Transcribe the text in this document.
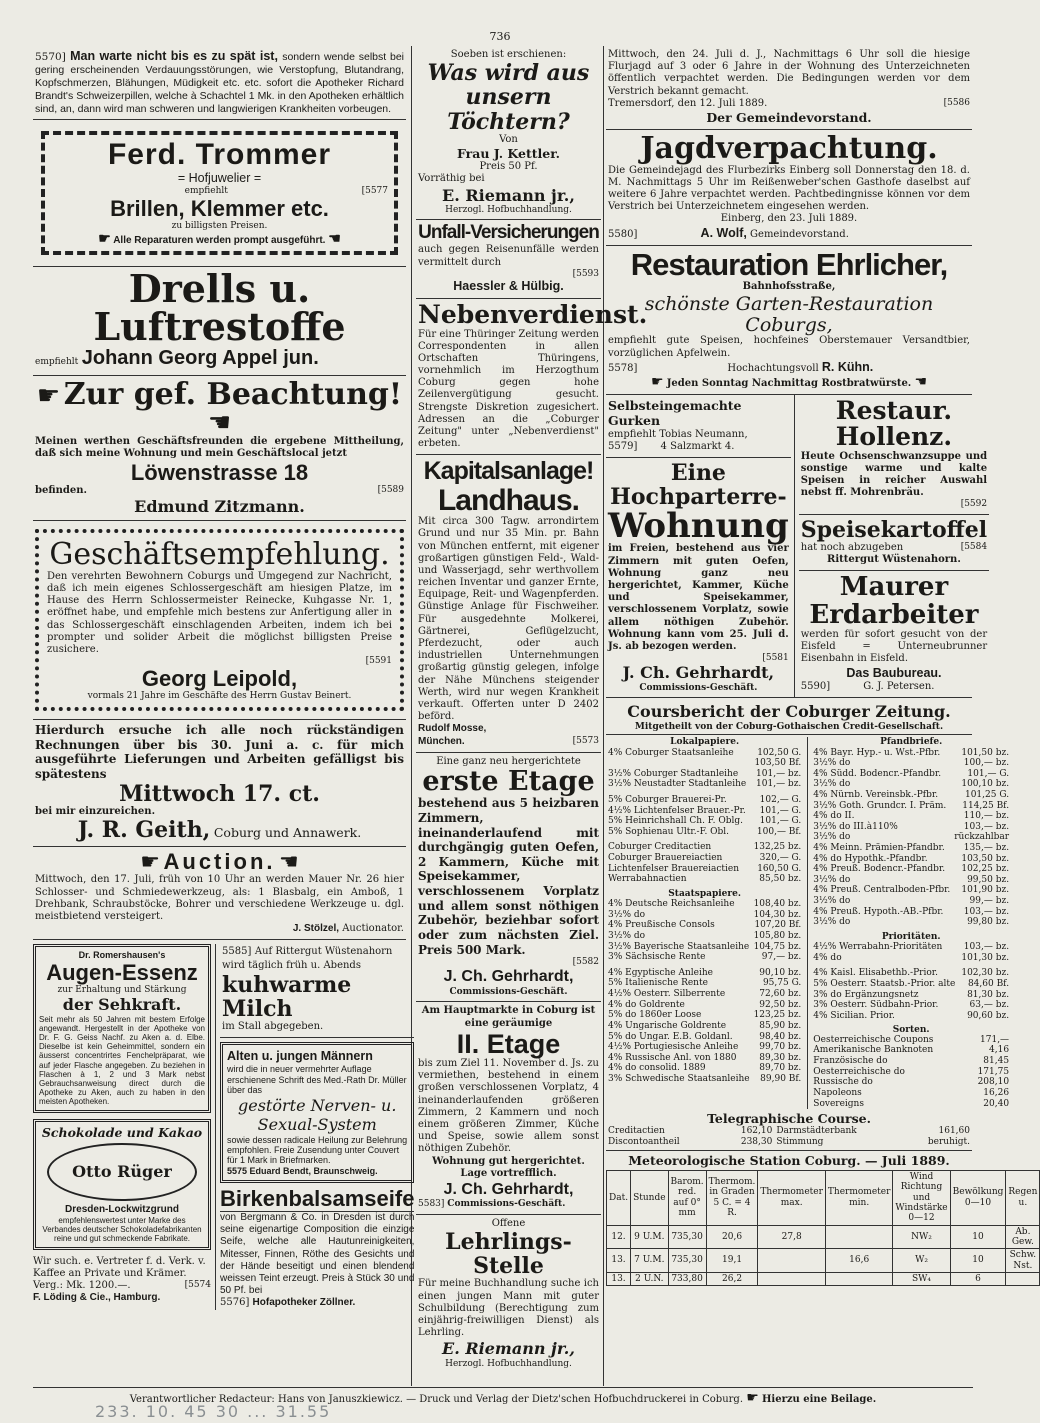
736
5570] Man warte nicht bis es zu spät ist, sondern wende selbst bei gering erscheinenden Verdauungsstörungen, wie Verstopfung, Blutandrang, Kopfschmerzen, Blähungen, Müdigkeit etc. etc. sofort die Apotheker Richard Brandt's Schweizerpillen, welche à Schachtel 1 Mk. in den Apotheken erhältlich sind, an, dann wird man schweren und langwierigen Krankheiten vorbeugen.
Ferd. Trommer
= Hofjuwelier =
empfiehlt	[5577
Brillen, Klemmer etc.
zu billigsten Preisen.
☛ Alle Reparaturen werden prompt ausgeführt. ☚
Drells u. Luftrestoffe
empfiehlt Johann Georg Appel jun.
☛ Zur gef. Beachtung! ☚
Meinen werthen Geschäftsfreunden die ergebene Mittheilung, daß sich meine Wohnung und mein Geschäftslocal jetzt
Löwenstrasse 18
befinden.	[5589
Edmund Zitzmann.
Geschäftsempfehlung.
Den verehrten Bewohnern Coburgs und Umgegend zur Nachricht, daß ich mein eigenes Schlossergeschäft am hiesigen Platze, im Hause des Herrn Schlossermeister Reinecke, Kuhgasse Nr. 1, eröffnet habe, und empfehle mich bestens zur Anfertigung aller in das Schlossergeschäft einschlagenden Arbeiten, indem ich bei prompter und solider Arbeit die möglichst billigsten Preise zusichere.
[5591
Georg Leipold,
vormals 21 Jahre im Geschäfte des Herrn Gustav Beinert.
Hierdurch ersuche ich alle noch rückständigen Rechnungen über bis 30. Juni a. c. für mich ausgeführte Lieferungen und Arbeiten gefälligst bis spätestens
Mittwoch 17. ct.
bei mir einzureichen.
J. R. Geith, Coburg und Annawerk.
☛ Auction. ☚
Mittwoch, den 17. Juli, früh von 10 Uhr an werden Mauer Nr. 26 hier Schlosser- und Schmiedewerkzeug, als: 1 Blasbalg, ein Amboß, 1 Drehbank, Schraubstöcke, Bohrer und verschiedene Werkzeuge u. dgl. meistbietend versteigert.
J. Stölzel, Auctionator.
Dr. Romershausen's
Augen-Essenz
zur Erhaltung und Stärkung
der Sehkraft.
Seit mehr als 50 Jahren mit bestem Erfolge angewandt. Hergestellt in der Apotheke von Dr. F. G. Geiss Nachf. zu Aken a. d. Elbe. Dieselbe ist kein Geheimmittel, sondern ein äusserst concentrirtes Fenchelpräparat, wie auf jeder Flasche angegeben. Zu beziehen in Flaschen à 1, 2 und 3 Mark nebst Gebrauchsanweisung direct durch die Apotheke zu Aken, auch zu haben in den meisten Apotheken.
Schokolade und Kakao
Otto Rüger
Dresden-Lockwitzgrund
empfehlenswertest unter Marke des Verbandes deutscher Schokoladefabrikanten
reine und gut schmeckende Fabrikate.
Wir such. e. Vertreter f. d. Verk. v. Kaffee an Private und Krämer. Verg.: Mk. 1200.—.	[5574
F. Löding & Cie., Hamburg.
5585] Auf Rittergut Wüstenahorn wird täglich früh u. Abends
kuhwarme Milch
im Stall abgegeben.
Alten u. jungen Männern
wird die in neuer vermehrter Auflage erschienene Schrift des Med.-Rath Dr. Müller über das
gestörte Nerven- u. Sexual-System
sowie dessen radicale Heilung zur Belehrung empfohlen. Freie Zusendung unter Couvert für 1 Mark in Briefmarken.
5575 Eduard Bendt, Braunschweig.
Birkenbalsamseife
von Bergmann & Co. in Dresden ist durch seine eigenartige Composition die einzige Seife, welche alle Hautunreinigkeiten, Mitesser, Finnen, Röthe des Gesichts und der Hände beseitigt und einen blendend weissen Teint erzeugt. Preis à Stück 30 und 50 Pf. bei
5576] Hofapotheker Zöllner.
Soeben ist erschienen:
Was wird aus unsern Töchtern?
Von
Frau J. Kettler.
Preis 50 Pf.
Vorräthig bei
E. Riemann jr.,
Herzogl. Hofbuchhandlung.
Unfall-Versicherungen
auch gegen Reisenunfälle werden vermittelt durch
[5593
Haessler & Hülbig.
Nebenverdienst.
Für eine Thüringer Zeitung werden Correspondenten in allen Ortschaften Thüringens, vornehmlich im Herzogthum Coburg gegen hohe Zeilenvergütigung gesucht. Strengste Diskretion zugesichert. Adressen an die „Coburger Zeitung" unter „Nebenverdienst" erbeten.
Kapitalsanlage!
Landhaus.
Mit circa 300 Tagw. arrondirtem Grund und nur 35 Min. pr. Bahn von München entfernt, mit eigener großartigen günstigen Feld-, Wald- und Wasserjagd, sehr werthvollem reichen Inventar und ganzer Ernte, Equipage, Reit- und Wagenpferden. Günstige Anlage für Fischweiher. Für ausgedehnte Molkerei, Gärtnerei, Geflügelzucht, Pferdezucht, oder auch industriellen Unternehmungen großartig günstig gelegen, infolge der Nähe Münchens steigender Werth, wird nur wegen Krankheit verkauft. Offerten unter D 2402 beförd.
Rudolf Mosse,
München.	[5573
Eine ganz neu hergerichtete
erste Etage
bestehend aus 5 heizbaren Zimmern, ineinanderlaufend mit durchgängig guten Oefen, 2 Kammern, Küche mit Speisekammer, verschlossenem Vorplatz und allem sonst nöthigen Zubehör, beziehbar sofort oder zum nächsten Ziel. Preis 500 Mark.
[5582
J. Ch. Gehrhardt,
Commissions-Geschäft.
Am Hauptmarkte in Coburg ist eine geräumige
II. Etage
bis zum Ziel 11. November d. Js. zu vermiethen, bestehend in einem großen verschlossenen Vorplatz, 4 ineinanderlaufenden größeren Zimmern, 2 Kammern und noch einem größeren Zimmer, Küche und Speise, sowie allem sonst nöthigen Zubehör.
Wohnung gut hergerichtet.
Lage vortrefflich.
J. Ch. Gehrhardt,
5583] Commissions-Geschäft.
Offene
Lehrlings-Stelle
Für meine Buchhandlung suche ich einen jungen Mann mit guter Schulbildung (Berechtigung zum einjährig-freiwilligen Dienst) als Lehrling.
E. Riemann jr.,
Herzogl. Hofbuchhandlung.
Mittwoch, den 24. Juli d. J., Nachmittags 6 Uhr soll die hiesige Flurjagd auf 3 oder 6 Jahre in der Wohnung des Unterzeichneten öffentlich verpachtet werden. Die Bedingungen werden vor dem Verstrich bekannt gemacht.
Tremersdorf, den 12. Juli 1889.	[5586
Der Gemeindevorstand.
Jagdverpachtung.
Die Gemeindejagd des Flurbezirks Einberg soll Donnerstag den 18. d. M. Nachmittags 5 Uhr im Reißenweber'schen Gasthofe daselbst auf weitere 6 Jahre verpachtet werden. Pachtbedingnisse können vor dem Verstrich bei Unterzeichnetem eingesehen werden.
Einberg, den 23. Juli 1889.
5580]	A. Wolf, Gemeindevorstand.
Restauration Ehrlicher,
Bahnhofsstraße,
schönste Garten-Restauration Coburgs,
empfiehlt gute Speisen, hochfeines Oberstemauer Versandtbier, vorzüglichen Apfelwein.
5578]	Hochachtungsvoll R. Kühn.
☛ Jeden Sonntag Nachmittag Rostbratwürste. ☚
Selbsteingemachte Gurken
empfiehlt Tobias Neumann,
5579] 4 Salzmarkt 4.
Eine Hochparterre-
Wohnung
im Freien, bestehend aus vier Zimmern mit guten Oefen, Wohnung ganz neu hergerichtet, Kammer, Küche und Speisekammer, verschlossenem Vorplatz, sowie allem nöthigen Zubehör. Wohnung kann vom 25. Juli d. Js. ab bezogen werden.
[5581
J. Ch. Gehrhardt,
Commissions-Geschäft.
Restaur. Hollenz.
Heute Ochsenschwanzsuppe und sonstige warme und kalte Speisen in reicher Auswahl nebst ff. Mohrenbräu.
[5592
Speisekartoffel
hat noch abzugeben	[5584
Rittergut Wüstenahorn.
Maurer
Erdarbeiter
werden für sofort gesucht von der Eisfeld = Unterneubrunner Eisenbahn in Eisfeld.
Das Baubureau.
5590]	G. J. Petersen.
Coursbericht der Coburger Zeitung.
Mitgetheilt von der Coburg-Gothaischen Credit-Gesellschaft.
Lokalpapiere.
4% Coburger Staatsanleihe	102,50 G.
	103,50 Bf.
3½% Coburger Stadtanleihe	101,— bz.
3½% Neustadter Stadtanleihe	101,— bz.

5% Coburger Brauerei-Pr.	102,— G.
4½% Lichtenfelser Brauer.-Pr.	101,— G.
5% Heinrichshall Ch. F. Oblg.	101,— G.
5% Sophienau Ultr.-F. Obl.	100,— Bf.

Coburger Creditactien	132,25 bz.
Coburger Brauereiactien	320,— G.
Lichtenfelser Brauereiactien	160,50 G.
Werrabahnactien	85,50 bz.
Staatspapiere.
4% Deutsche Reichsanleihe	108,40 bz.
3½% do	104,30 bz.
4% Preußische Consols	107,20 Bf.
3½% do	105,80 bz.
3½% Bayerische Staatsanleihe	104,75 bz.
3% Sächsische Rente	97,— bz.

4% Egyptische Anleihe	90,10 bz.
5% Italienische Rente	95,75 G.
4½% Oesterr. Silberrente	72,60 bz.
4% do Goldrente	92,50 bz.
5% do 1860er Loose	123,25 bz.
4% Ungarische Goldrente	85,90 bz.
5% do Ungar. E.B. Goldanl.	98,40 bz.
4½% Portugiesische Anleihe	99,70 bz.
4% Russische Anl. von 1880	89,30 bz.
4% do consolid. 1889	89,70 bz.
3% Schwedische Staatsanleihe	89,90 Bf.
Pfandbriefe.
4% Bayr. Hyp.- u. Wst.-Pfbr.	101,50 bz.
3½% do	100,— bz.
4% Südd. Bodencr.-Pfandbr.	101,— G.
3½% do	100,10 bz.
4% Nürnb. Vereinsbk.-Pfbr.	101,25 G.
3½% Goth. Grundcr. I. Präm.	114,25 Bf.
4% do II.	110,— bz.
3½% do III.à110%	103,— bz.
3½% do	rückzahlbar
4% Meinn. Prämien-Pfandbr.	135,— bz.
4% do Hypothk.-Pfandbr.	103,50 bz.
4% Preuß. Bodencr.-Pfandbr.	102,25 bz.
3½% do	99,50 bz.
4% Preuß. Centralboden-Pfbr.	101,90 bz.
3½% do	99,— bz.
4% Preuß. Hypoth.-AB.-Pfbr.	103,— bz.
3½% do	99,80 bz.
Prioritäten.
4½% Werrabahn-Prioritäten	103,— bz.
4% do	101,30 bz.

4% Kaisl. Elisabethb.-Prior.	102,30 bz.
5% Oesterr. Staatsb.-Prior. alte	84,60 Bf.
3% do Ergänzungsnetz	81,30 bz.
3% Oesterr. Südbahn-Prior.	63,— bz.
4% Sicilian. Prior.	90,60 bz.
Sorten.
Oesterreichische Coupons	171,—
Amerikanische Banknoten	4,16
Französische do	81,45
Oesterreichische do	171,75
Russische do	208,10
Napoleons	16,26
Sovereigns	20,40
Telegraphische Course.
Creditactien	162,10	Darmstädterbank	161,60
Discontoantheil	238,30	Stimmung	beruhigt.
Meteorologische Station Coburg. — Juli 1889.
Dat.	Stunde	Barom. red. auf 0° mm	Thermom. in Graden 5 C. = 4 R.	Thermometer max.	Thermometer min.	Wind Richtung und Windstärke 0—12	Bewölkung 0—10	Regen u.
12.	9 U.M.	735,30	20,6	27,8		NW₂	10	Ab. Gew.
13.	7 U.M.	735,30	19,1		16,6	W₂	10	Schw. Nst.
13.	2 U.N.	733,80	26,2			SW₄	6	
Verantwortlicher Redacteur: Hans von Januszkiewicz. — Druck und Verlag der Dietz'schen Hofbuchdruckerei in Coburg. ☛ Hierzu eine Beilage.
233. 10. 45 30 ... 31.55
